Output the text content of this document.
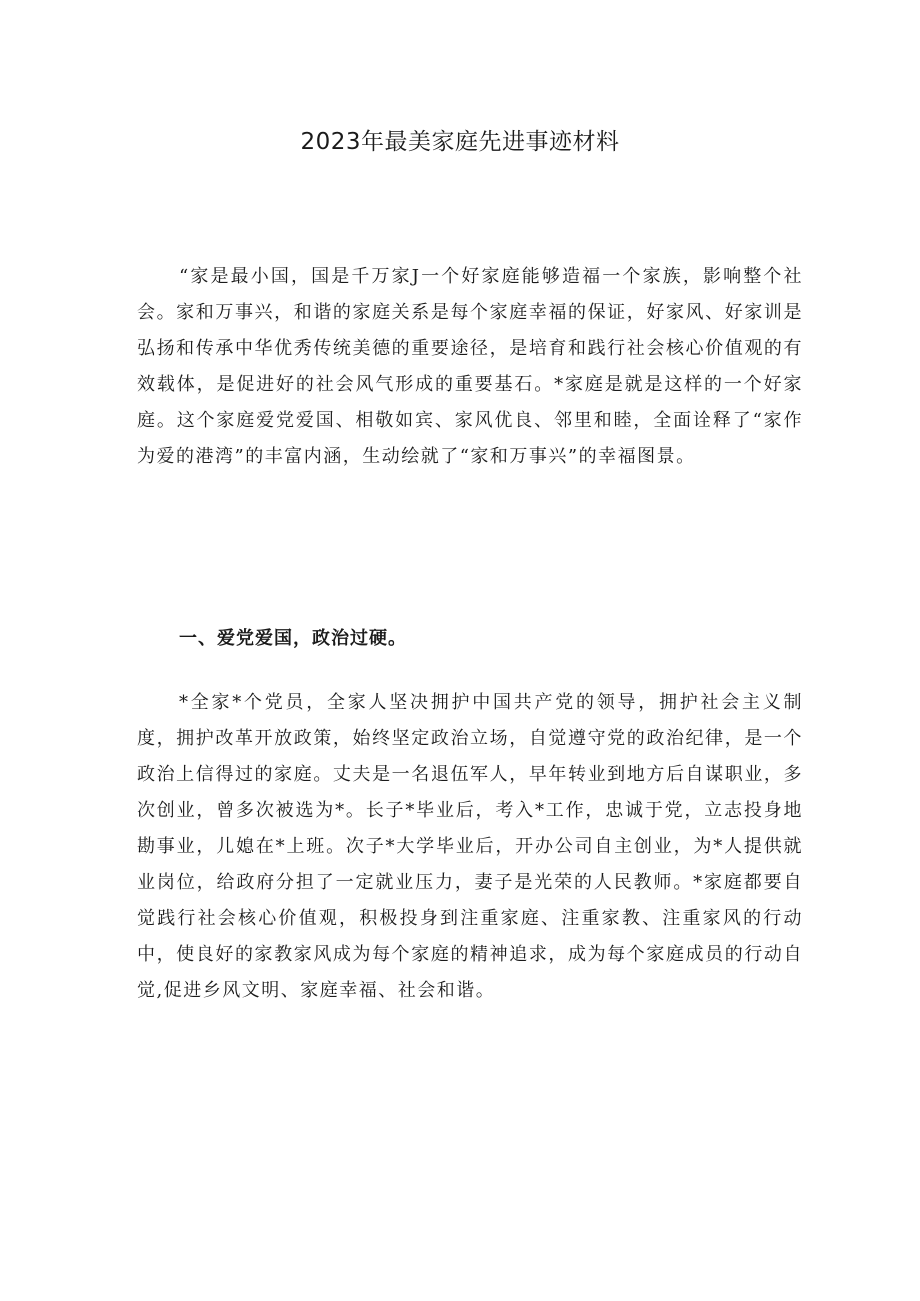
2023年最美家庭先进事迹材料

“家是最小国，国是千万家J一个好家庭能够造福一个家族，影响整个社会。家和万事兴，和谐的家庭关系是每个家庭幸福的保证，好家风、好家训是弘扬和传承中华优秀传统美德的重要途径，是培育和践行社会核心价值观的有效载体，是促进好的社会风气形成的重要基石。*家庭是就是这样的一个好家庭。这个家庭爱党爱国、相敬如宾、家风优良、邻里和睦，全面诠释了“家作为爱的港湾”的丰富内涵，生动绘就了“家和万事兴”的幸福图景。

一、爱党爱国，政治过硬。

*全家*个党员，全家人坚决拥护中国共产党的领导，拥护社会主义制度，拥护改革开放政策，始终坚定政治立场，自觉遵守党的政治纪律，是一个政治上信得过的家庭。丈夫是一名退伍军人，早年转业到地方后自谋职业，多次创业，曾多次被选为*。长子*毕业后，考入*工作，忠诚于党，立志投身地勘事业，儿媳在*上班。次子*大学毕业后，开办公司自主创业，为*人提供就业岗位，给政府分担了一定就业压力，妻子是光荣的人民教师。*家庭都要自觉践行社会核心价值观，积极投身到注重家庭、注重家教、注重家风的行动中，使良好的家教家风成为每个家庭的精神追求，成为每个家庭成员的行动自觉,促进乡风文明、家庭幸福、社会和谐。
